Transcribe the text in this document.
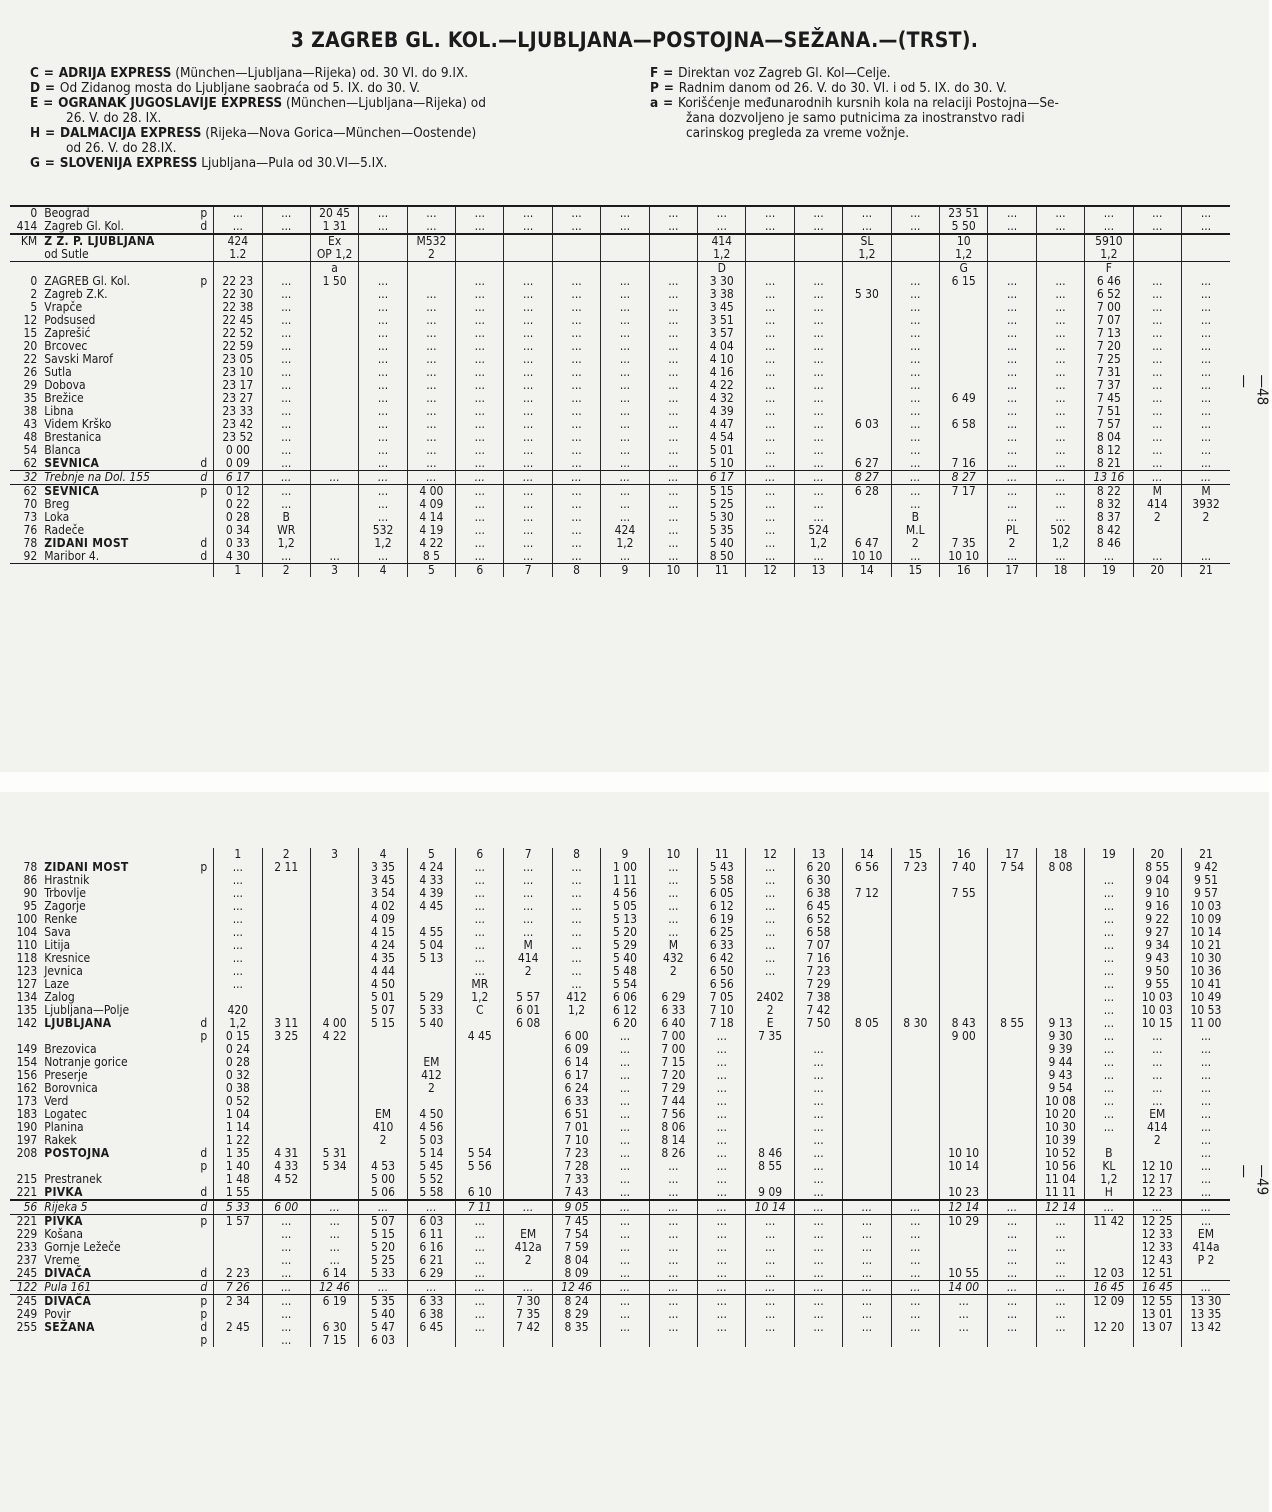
3 ZAGREB GL. KOL.—LJUBLJANA—POSTOJNA—SEŽANA.—(TRST).
C = ADRIJA EXPRESS (München—Ljubljana—Rijeka) od. 30 VI. do 9.IX.
D = Od Zidanog mosta do Ljubljane saobraća od 5. IX. do 30. V.
E = OGRANAK JUGOSLAVIJE EXPRESS (München—Ljubljana—Rijeka) od
26. V. do 28. IX.
H = DALMACIJA EXPRESS (Rijeka—Nova Gorica—München—Oostende)
od 26. V. do 28.IX.
G = SLOVENIJA EXPRESS Ljubljana—Pula od 30.VI—5.IX.
F = Direktan voz Zagreb Gl. Kol—Celje.
P = Radnim danom od 26. V. do 30. VI. i od 5. IX. do 30. V.
a = Korišćenje međunarodnih kursnih kola na relaciji Postojna—Se-
žana dozvoljeno je samo putnicima za inostranstvo radi
carinskog pregleda za vreme vožnje.
0	Beograd	p	...	...	20 45	...	...	...	...	...	...	...	...	...	...	...	...	23 51	...	...	...	...	...
414	Zagreb Gl. Kol.	d	...	...	1 31	...	...	...	...	...	...	...	...	...	...	...	...	5 50	...	...	...	...	...
KM	Z Ž. P. LJUBLJANA		424		Ex		M532						414			SL		10			5910		
	od Sutle		1.2		OP 1,2		2						1,2			1,2		1,2			1,2		
					a								D					G			F		
0	ZAGREB Gl. Kol.	p	22 23	...	1 50	...		...	...	...	...	...	3 30	...	...		...	6 15	...	...	6 46	...	...
2	Zagreb Z.K.		22 30	...		...	...	...	...	...	...	...	3 38	...	...	5 30	...		...	...	6 52	...	...
5	Vrapče		22 38	...		...	...	...	...	...	...	...	3 45	...	...		...		...	...	7 00	...	...
12	Podsused		22 45	...		...	...	...	...	...	...	...	3 51	...	...		...		...	...	7 07	...	...
15	Zaprešić		22 52	...		...	...	...	...	...	...	...	3 57	...	...		...		...	...	7 13	...	...
20	Brcovec		22 59	...		...	...	...	...	...	...	...	4 04	...	...		...		...	...	7 20	...	...
22	Savski Marof		23 05	...		...	...	...	...	...	...	...	4 10	...	...		...		...	...	7 25	...	...
26	Sutla		23 10	...		...	...	...	...	...	...	...	4 16	...	...		...		...	...	7 31	...	...
29	Dobova		23 17	...		...	...	...	...	...	...	...	4 22	...	...		...		...	...	7 37	...	...
35	Brežice		23 27	...		...	...	...	...	...	...	...	4 32	...	...		...	6 49	...	...	7 45	...	...
38	Libna		23 33	...		...	...	...	...	...	...	...	4 39	...	...		...		...	...	7 51	...	...
43	Videm Krško		23 42	...		...	...	...	...	...	...	...	4 47	...	...	6 03	...	6 58	...	...	7 57	...	...
48	Brestanica		23 52	...		...	...	...	...	...	...	...	4 54	...	...		...		...	...	8 04	...	...
54	Blanca		0 00	...		...	...	...	...	...	...	...	5 01	...	...		...		...	...	8 12	...	...
62	SEVNICA	d	0 09	...		...	...	...	...	...	...	...	5 10	...	...	6 27	...	7 16	...	...	8 21	...	...
32	Trebnje na Dol. 155	d	6 17	...	...	...	...	...	...	...	...	...	6 17	...	...	8 27	...	8 27	...	...	13 16	...	...
62	SEVNICA	p	0 12	...		...	4 00	...	...	...	...	...	5 15	...	...	6 28	...	7 17	...	...	8 22	M	M
70	Breg		0 22	...		...	4 09	...	...	...	...	...	5 25	...	...		...		...	...	8 32	414	3932
73	Loka		0 28	B		...	4 14	...	...	...	...	...	5 30	...	...		B		...	...	8 37	2	2
76	Radeče		0 34	WR		532	4 19	...	...	...	424	...	5 35	...	524		M.L		PL	502	8 42		
78	ZIDANI MOST	d	0 33	1,2		1,2	4 22	...	...	...	1,2	...	5 40	...	1,2	6 47	2	7 35	2	1,2	8 46		
92	Maribor 4.	d	4 30	...	...	...	8 5	...	...	...	...	...	8 50	...	...	10 10	...	10 10	...	...	...	...	...
			1	2	3	4	5	6	7	8	9	10	11	12	13	14	15	16	17	18	19	20	21
—48—
			1	2	3	4	5	6	7	8	9	10	11	12	13	14	15	16	17	18	19	20	21
78	ZIDANI MOST	p	...	2 11		3 35	4 24	...	...	...	1 00	...	5 43	...	6 20	6 56	7 23	7 40	7 54	8 08		8 55	9 42
86	Hrastnik		...			3 45	4 33	...	...	...	1 11	...	5 58	...	6 30						...	9 04	9 51
90	Trbovlje		...			3 54	4 39	...	...	...	4 56	...	6 05	...	6 38	7 12		7 55			...	9 10	9 57
95	Zagorje		...			4 02	4 45	...	...	...	5 05	...	6 12	...	6 45						...	9 16	10 03
100	Renke		...			4 09		...	...	...	5 13	...	6 19	...	6 52						...	9 22	10 09
104	Sava		...			4 15	4 55	...	...	...	5 20	...	6 25	...	6 58						...	9 27	10 14
110	Litija		...			4 24	5 04	...	M	...	5 29	M	6 33	...	7 07						...	9 34	10 21
118	Kresnice		...			4 35	5 13	...	414	...	5 40	432	6 42	...	7 16						...	9 43	10 30
123	Jevnica		...			4 44		...	2	...	5 48	2	6 50	...	7 23						...	9 50	10 36
127	Laze		...			4 50		MR		...	5 54		6 56		7 29						...	9 55	10 41
134	Zalog					5 01	5 29	1,2	5 57	412	6 06	6 29	7 05	2402	7 38						...	10 03	10 49
135	Ljubljana—Polje		420			5 07	5 33	C	6 01	1,2	6 12	6 33	7 10	2	7 42						...	10 03	10 53
142	LJUBLJANA	d	1,2	3 11	4 00	5 15	5 40		6 08		6 20	6 40	7 18	E	7 50	8 05	8 30	8 43	8 55	9 13	...	10 15	11 00
		p	0 15	3 25	4 22			4 45		6 00	...	7 00	...	7 35				9 00		9 30	...	...	...
149	Brezovica		0 24							6 09	...	7 00	...		...					9 39	...	...	...
154	Notranje gorice		0 28				EM			6 14	...	7 15	...		...					9 44	...	...	...
156	Preserje		0 32				412			6 17	...	7 20	...		...					9 43	...	...	...
162	Borovnica		0 38				2			6 24	...	7 29	...		...					9 54	...	...	...
173	Verd		0 52							6 33	...	7 44	...		...					10 08	...	...	...
183	Logatec		1 04			EM	4 50			6 51	...	7 56	...		...					10 20	...	EM	...
190	Planina		1 14			410	4 56			7 01	...	8 06	...		...					10 30	...	414	...
197	Rakek		1 22			2	5 03			7 10	...	8 14	...		...					10 39		2	...
208	POSTOJNA	d	1 35	4 31	5 31		5 14	5 54		7 23	...	8 26	...	8 46	...			10 10		10 52	B		...
		p	1 40	4 33	5 34	4 53	5 45	5 56		7 28	...	...	...	8 55	...			10 14		10 56	KL	12 10	...
215	Prestranek		1 48	4 52		5 00	5 52			7 33	...	...	...		...					11 04	1,2	12 17	...
221	PIVKA	d	1 55			5 06	5 58	6 10		7 43	...	...	...	9 09	...			10 23		11 11	H	12 23	...
56	Rijeka 5	d	5 33	6 00	...	...	...	7 11	...	9 05	...	...	...	10 14	...	...	...	12 14	...	12 14	...	...	...
221	PIVKA	p	1 57	...	...	5 07	6 03	...		7 45	...	...	...	...	...	...	...	10 29	...	...	11 42	12 25	...
229	Košana			...	...	5 15	6 11	...	EM	7 54	...	...	...	...	...	...	...		...	...		12 33	EM
233	Gornje Ležeče			...	...	5 20	6 16	...	412a	7 59	...	...	...	...	...	...	...		...	...		12 33	414a
237	Vreme			...	...	5 25	6 21	...	2	8 04	...	...	...	...	...	...	...		...	...		12 43	P 2
245	DIVAČA	d	2 23	...	6 14	5 33	6 29	...		8 09	...	...	...	...	...	...	...	10 55	...	...	12 03	12 51	
122	Pula 161	d	7 26	...	12 46	...	...	...	...	12 46	...	...	...	...	...	...	...	14 00	...	...	16 45	16 45	...
245	DIVAČA	p	2 34	...	6 19	5 35	6 33	...	7 30	8 24	...	...	...	...	...	...	...	...	...	...	12 09	12 55	13 30
249	Povir	p		...		5 40	6 38	...	7 35	8 29	...	...	...	...	...	...	...	...	...	...		13 01	13 35
255	SEŽANA	d	2 45	...	6 30	5 47	6 45	...	7 42	8 35	...	...	...	...	...	...	...	...	...	...	12 20	13 07	13 42
		p		...	7 15	6 03																	
—49—
